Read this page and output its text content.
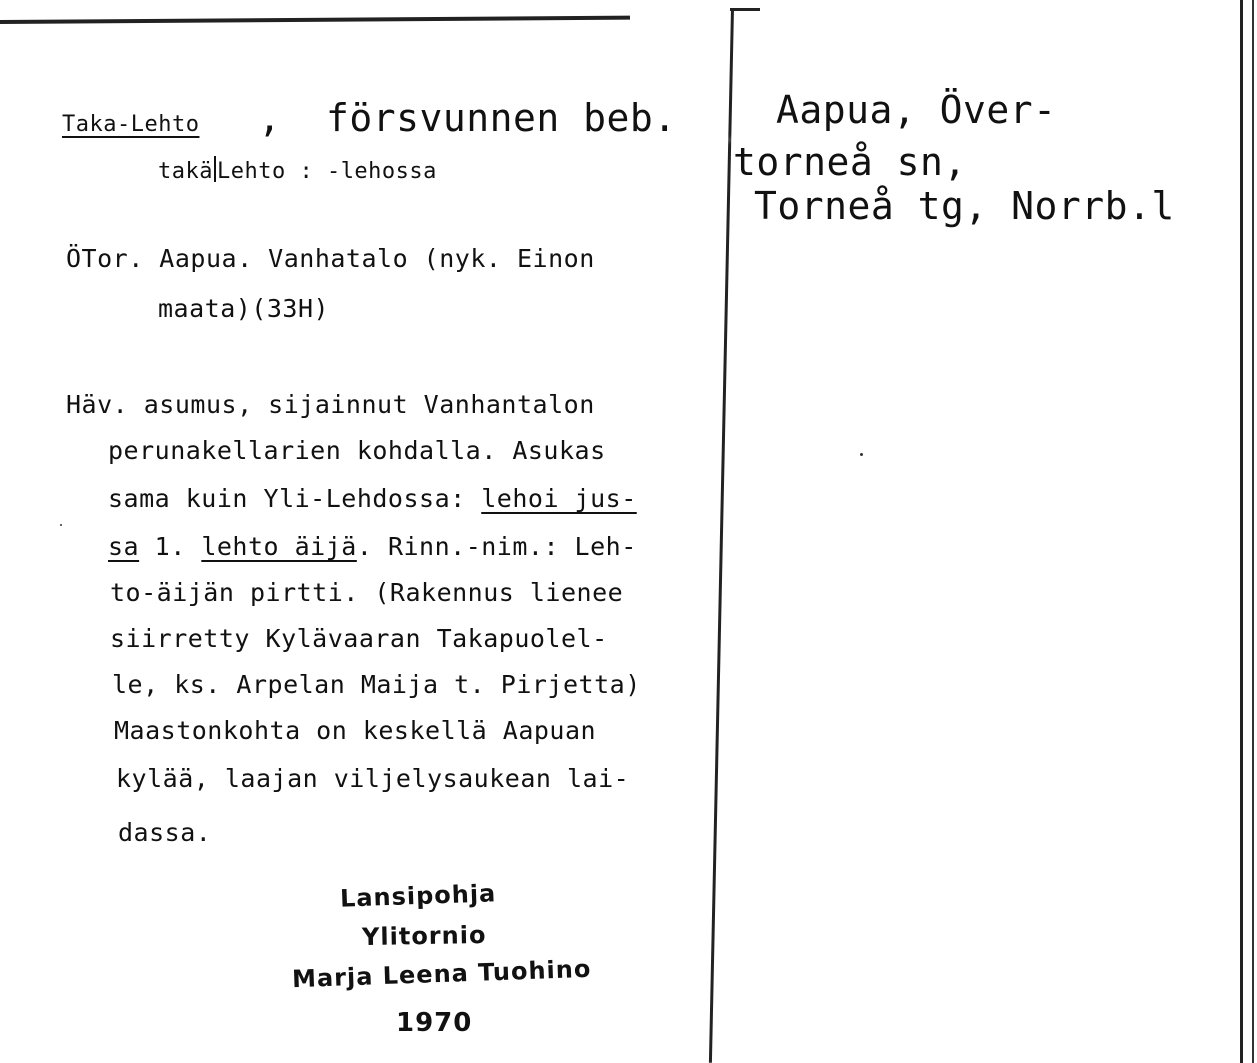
Taka-Lehto , försvunnen beb.	Aapua, Över-
torneå sn,
Torneå tg, Norrb.l
takä Lehto : -lehossa
ÖTor. Aapua. Vanhatalo (nyk. Einon
maata)(33H)
Häv. asumus, sijainnut Vanhantalon
perunakellarien kohdalla. Asukas
sama kuin Yli-Lehdossa: lehoi jus-
sa 1. lehto äijä. Rinn.-nim.: Leh-
to-äijän pirtti. (Rakennus lienee
siirretty Kylävaaran Takapuolel-
le, ks. Arpelan Maija t. Pirjetta)
Maastonkohta on keskellä Aapuan
kylää, laajan viljelysaukean lai-
dassa.
Lansipohja
Ylitornio
Marja Leena Tuohino
1970
